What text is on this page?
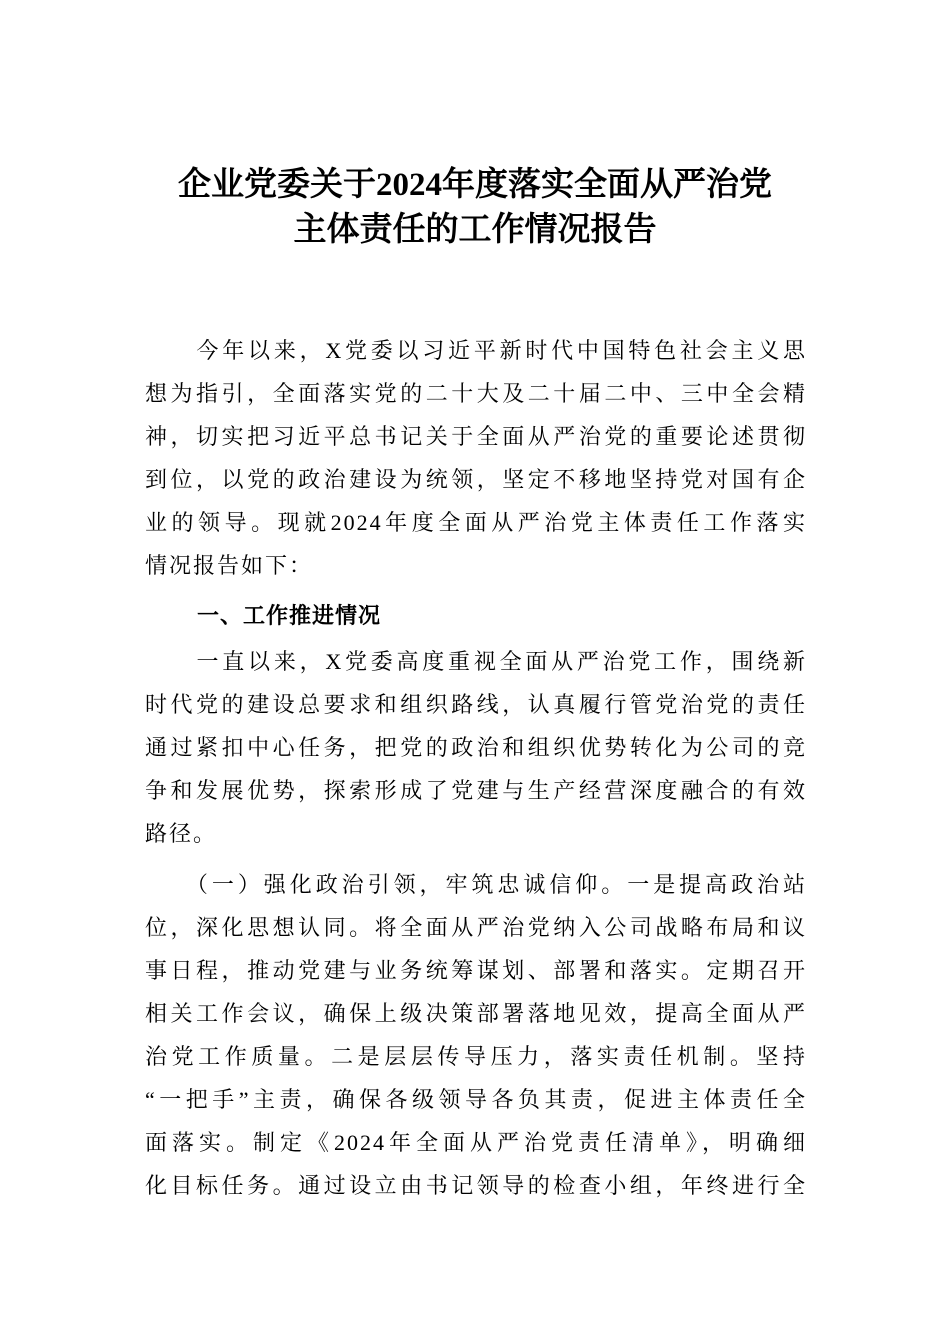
企业党委关于2024年度落实全面从严治党
主体责任的工作情况报告
　　今年以来，X党委以习近平新时代中国特色社会主义思
想为指引，全面落实党的二十大及二十届二中、三中全会精
神，切实把习近平总书记关于全面从严治党的重要论述贯彻
到位，以党的政治建设为统领，坚定不移地坚持党对国有企
业的领导。现就2024年度全面从严治党主体责任工作落实
情况报告如下：
一、工作推进情况
　　一直以来，X党委高度重视全面从严治党工作，围绕新
时代党的建设总要求和组织路线，认真履行管党治党的责任
通过紧扣中心任务，把党的政治和组织优势转化为公司的竞
争和发展优势，探索形成了党建与生产经营深度融合的有效
路径。
　　（一）强化政治引领，牢筑忠诚信仰。一是提高政治站
位，深化思想认同。将全面从严治党纳入公司战略布局和议
事日程，推动党建与业务统筹谋划、部署和落实。定期召开
相关工作会议，确保上级决策部署落地见效，提高全面从严
治党工作质量。二是层层传导压力，落实责任机制。坚持
“一把手”主责，确保各级领导各负其责，促进主体责任全
面落实。制定《2024年全面从严治党责任清单》，明确细
化目标任务。通过设立由书记领导的检查小组，年终进行全
